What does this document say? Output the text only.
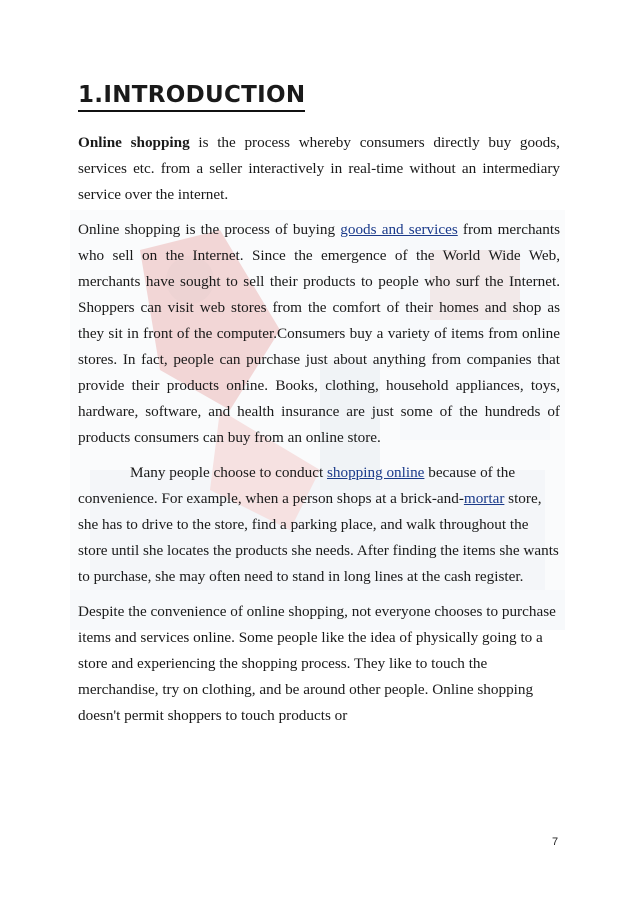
1.INTRODUCTION

Online shopping is the process whereby consumers directly buy goods, services etc. from a seller interactively in real-time without an intermediary service over the internet.

Online shopping is the process of buying goods and services from merchants who sell on the Internet. Since the emergence of the World Wide Web, merchants have sought to sell their products to people who surf the Internet. Shoppers can visit web stores from the comfort of their homes and shop as they sit in front of the computer.Consumers buy a variety of items from online stores. In fact, people can purchase just about anything from companies that provide their products online. Books, clothing, household appliances, toys, hardware, software, and health insurance are just some of the hundreds of products consumers can buy from an online store.

Many people choose to conduct shopping online because of the convenience. For example, when a person shops at a brick-and-mortar store, she has to drive to the store, find a parking place, and walk throughout the store until she locates the products she needs. After finding the items she wants to purchase, she may often need to stand in long lines at the cash register.

Despite the convenience of online shopping, not everyone chooses to purchase items and services online. Some people like the idea of physically going to a store and experiencing the shopping process. They like to touch the merchandise, try on clothing, and be around other people. Online shopping doesn't permit shoppers to touch products or

7
